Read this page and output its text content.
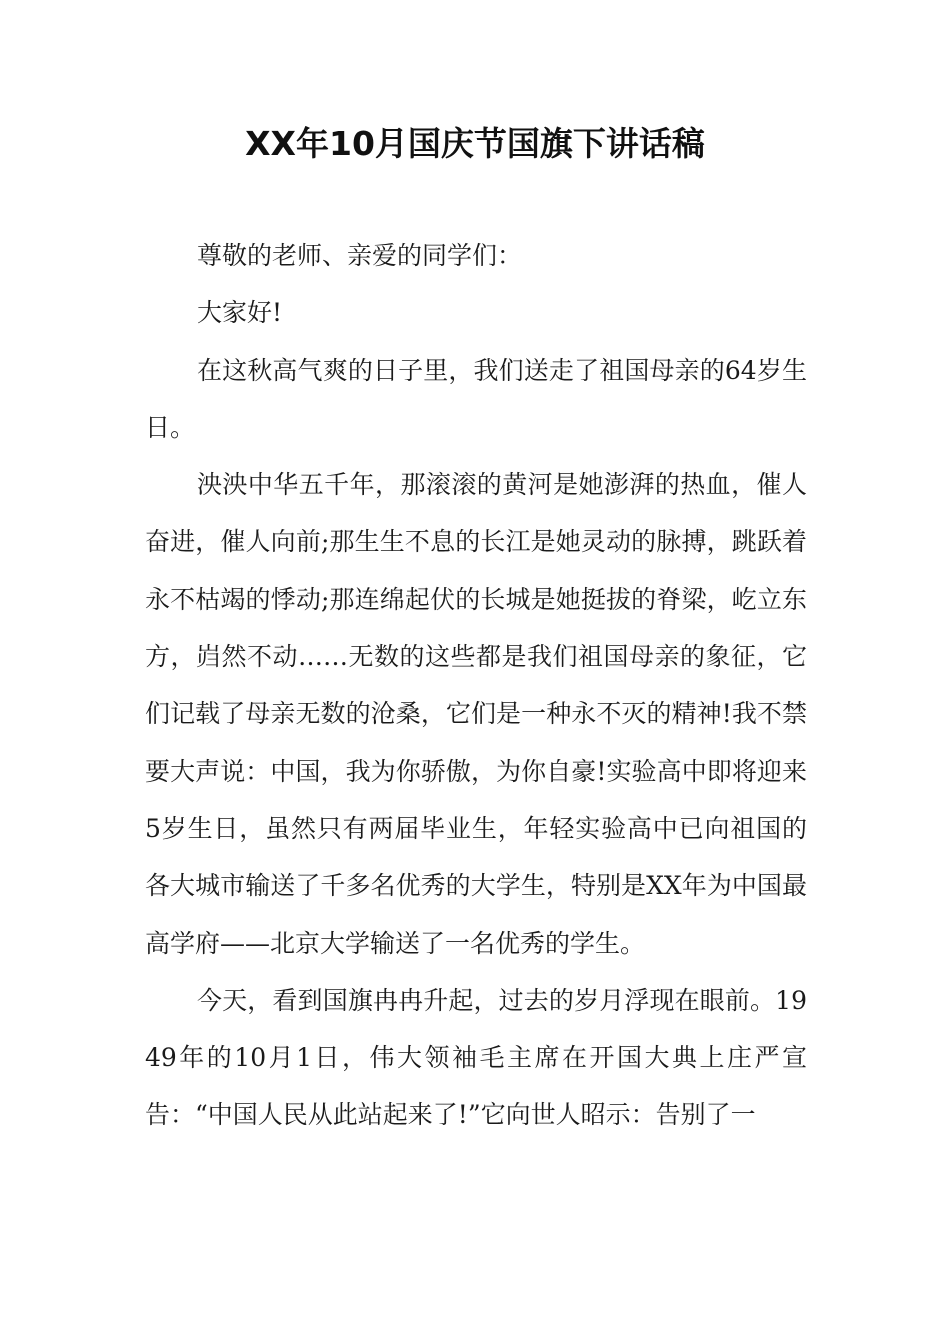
XX年10月国庆节国旗下讲话稿

尊敬的老师、亲爱的同学们：

大家好!

在这秋高气爽的日子里，我们送走了祖国母亲的64岁生日。

泱泱中华五千年，那滚滚的黄河是她澎湃的热血，催人奋进，催人向前;那生生不息的长江是她灵动的脉搏，跳跃着永不枯竭的悸动;那连绵起伏的长城是她挺拔的脊梁，屹立东方，岿然不动……无数的这些都是我们祖国母亲的象征，它们记载了母亲无数的沧桑，它们是一种永不灭的精神!我不禁要大声说：中国，我为你骄傲，为你自豪!实验高中即将迎来5岁生日，虽然只有两届毕业生，年轻实验高中已向祖国的各大城市输送了千多名优秀的大学生，特别是XX年为中国最高学府——北京大学输送了一名优秀的学生。

今天，看到国旗冉冉升起，过去的岁月浮现在眼前。1949年的10月1日，伟大领袖毛主席在开国大典上庄严宣告：“中国人民从此站起来了!”它向世人昭示：告别了一
